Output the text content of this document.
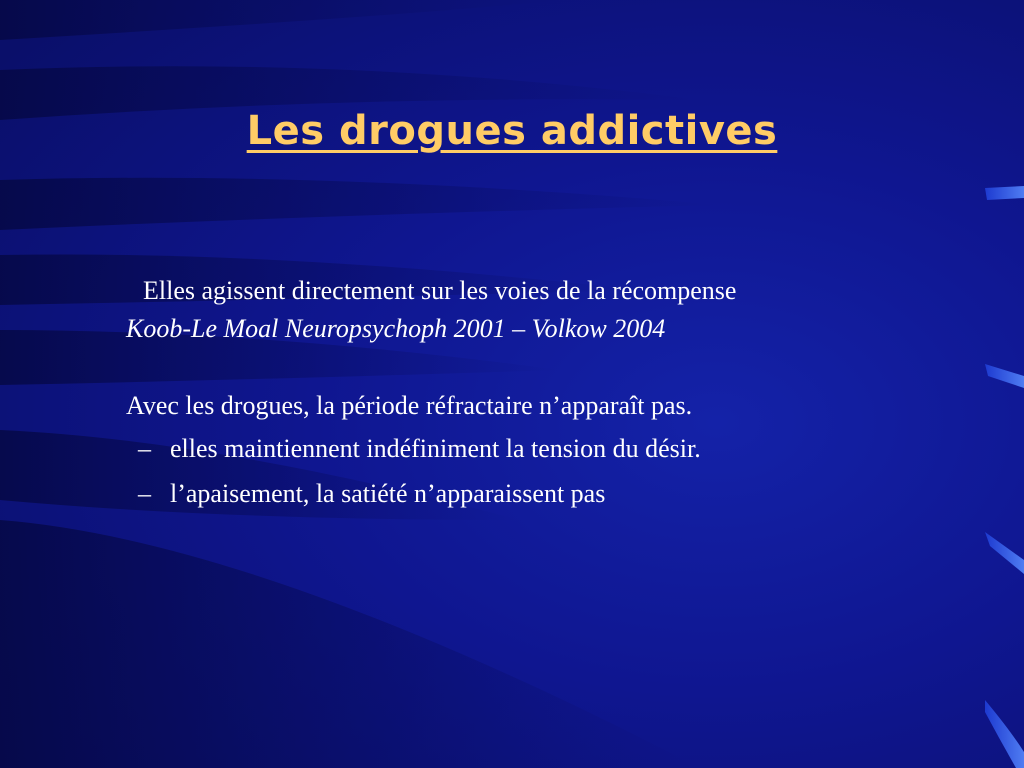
Les drogues addictives
Elles agissent directement sur les voies de la récompense
Koob-Le Moal Neuropsychoph 2001 – Volkow 2004
Avec les drogues, la période réfractaire n’apparaît pas.
– elles maintiennent indéfiniment la tension du désir.
– l’apaisement, la satiété n’apparaissent pas
